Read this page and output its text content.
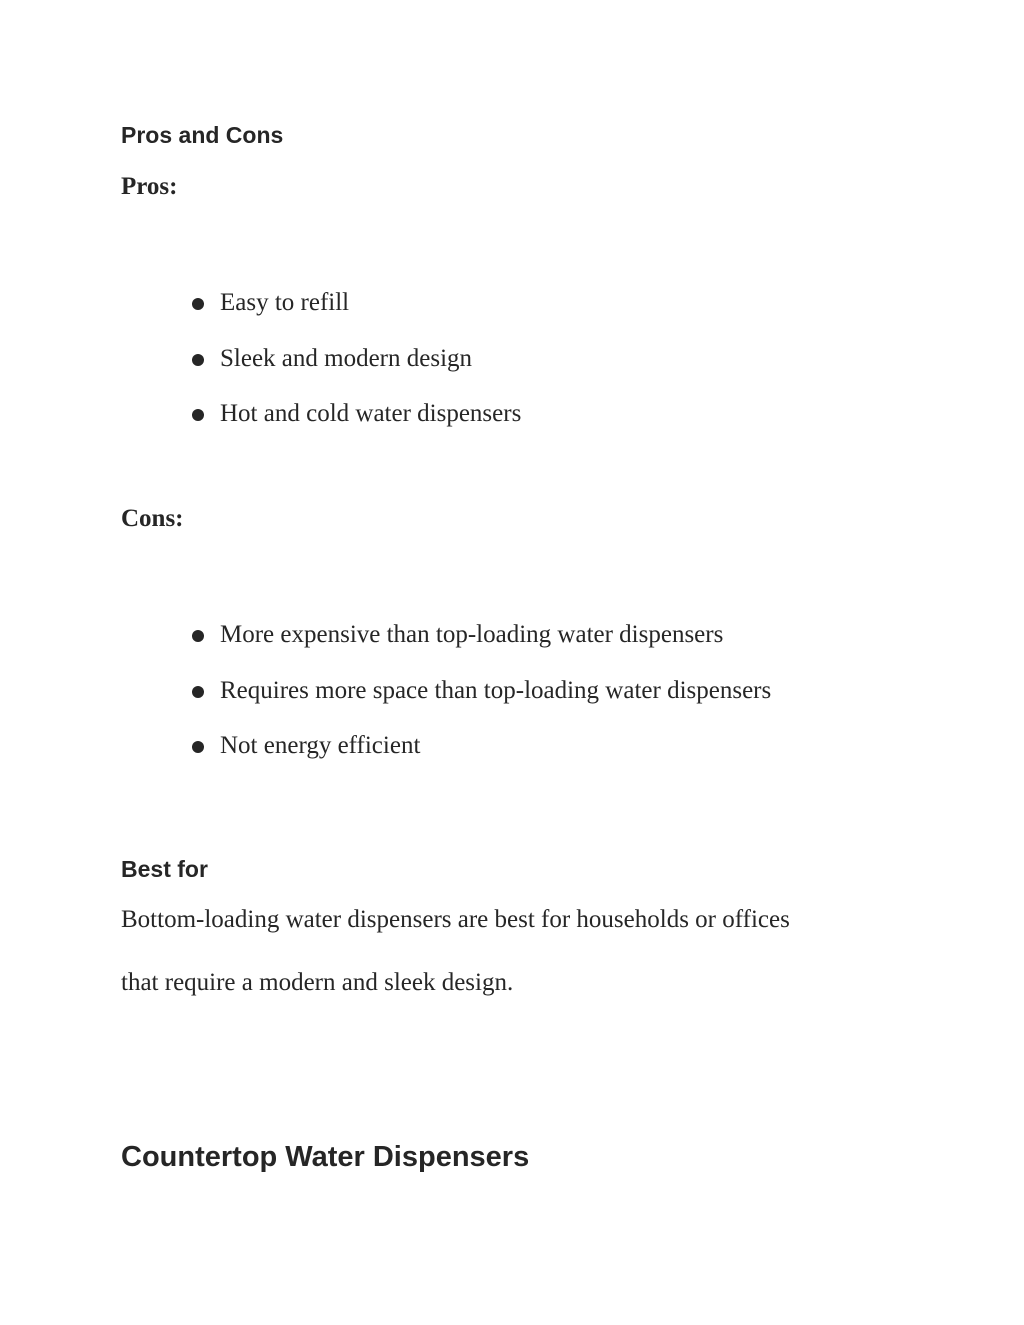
Pros and Cons

Pros:

Easy to refill
Sleek and modern design
Hot and cold water dispensers

Cons:

More expensive than top-loading water dispensers
Requires more space than top-loading water dispensers
Not energy efficient
Best for

Bottom-loading water dispensers are best for households or offices

that require a modern and sleek design.

Countertop Water Dispensers
